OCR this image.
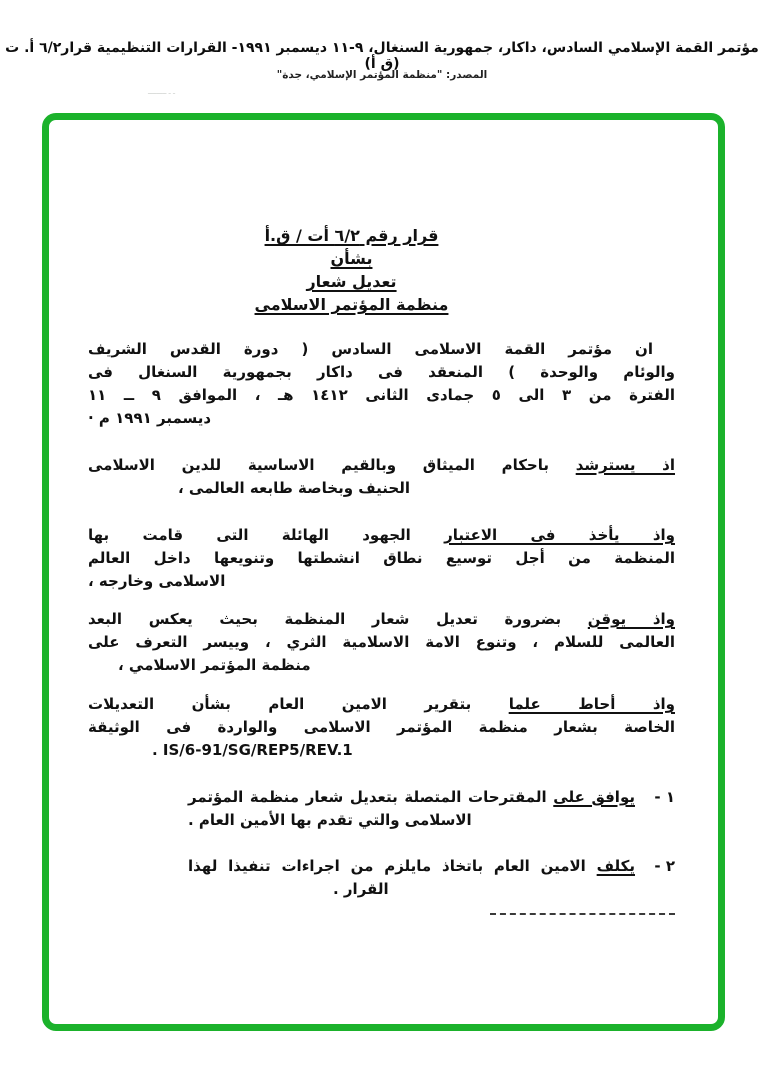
مؤتمر القمة الإسلامي السادس، داكار، جمهورية السنغال، ٩-١١ ديسمبر ١٩٩١- القرارات التنظيمية قرار٦/٢ أ. ت (ق أ)
المصدر: "منظمة المؤتمر الإسلامي، جدة"
ـ ـ ـــــــــ
قرار رقم ٦/٢ أت / ق.أ
بشأن
تعديل شعار
منظمة المؤتمر الاسلامى
ان مؤتمر القمة الاسلامى السادس ( دورة القدس الشريف
والوئام والوحدة ) المنعقد فى داكار بجمهورية السنغال فى
الفترة من ٣ الى ٥ جمادى الثانى ١٤١٢ هـ ، الموافق ٩ ــ ١١
ديسمبر ١٩٩١ م ·
اذ يسترشد باحكام الميثاق وبالقيم الاساسية للدين الاسلامى
الحنيف وبخاصة طابعه العالمى ،
واذ يأخذ فى الاعتبار الجهود الهائلة التى قامت بها
المنظمة من أجل توسيع نطاق انشطتها وتنويعها داخل العالم
الاسلامى وخارجه ،
واذ يوقن بضرورة تعديل شعار المنظمة بحيث يعكس البعد
العالمى للسلام ، وتنوع الامة الاسلامية الثري ، وييسر التعرف على
منظمة المؤتمر الاسلامي ،
واذ أحاط علما بتقرير الامين العام بشأن التعديلات
الخاصة بشعار منظمة المؤتمر الاسلامى والواردة فى الوثيقة
IS/6-91/SG/REP5/REV.1 .
١ -
يوافق على المقترحات المتصلة بتعديل شعار منظمة المؤتمر
الاسلامى والتي تقدم بها الأمين العام .
٢ -
يكلف الامين العام باتخاذ مايلزم من اجراءات تنفيذا لهذا
القرار .
